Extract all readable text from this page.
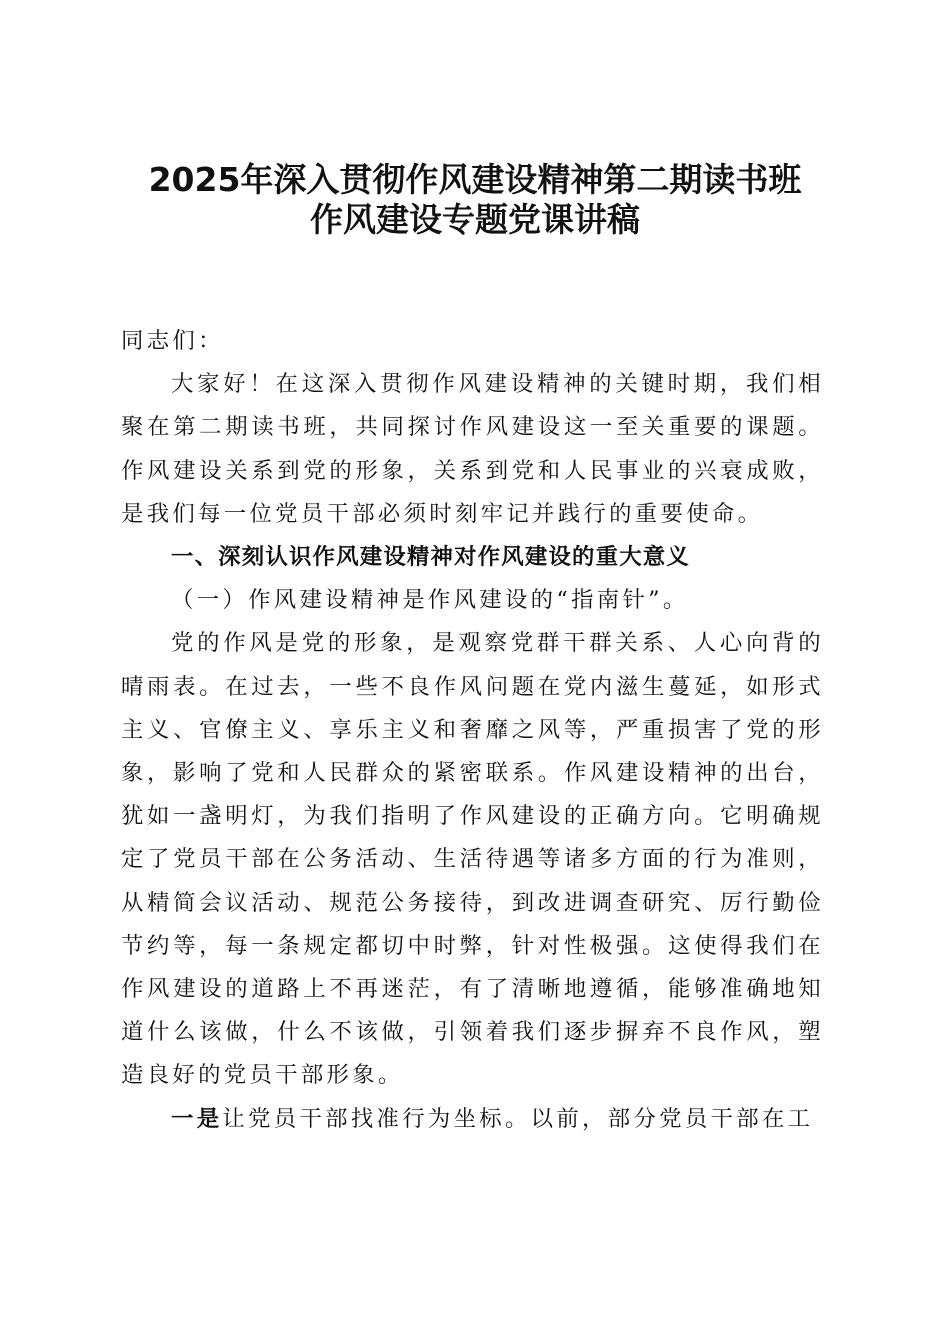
2025年深入贯彻作风建设精神第二期读书班
作风建设专题党课讲稿

同志们：

大家好！在这深入贯彻作风建设精神的关键时期，我们相聚在第二期读书班，共同探讨作风建设这一至关重要的课题。作风建设关系到党的形象，关系到党和人民事业的兴衰成败，是我们每一位党员干部必须时刻牢记并践行的重要使命。

一、深刻认识作风建设精神对作风建设的重大意义

（一）作风建设精神是作风建设的“指南针”。

党的作风是党的形象，是观察党群干群关系、人心向背的晴雨表。在过去，一些不良作风问题在党内滋生蔓延，如形式主义、官僚主义、享乐主义和奢靡之风等，严重损害了党的形象，影响了党和人民群众的紧密联系。作风建设精神的出台，犹如一盏明灯，为我们指明了作风建设的正确方向。它明确规定了党员干部在公务活动、生活待遇等诸多方面的行为准则，从精简会议活动、规范公务接待，到改进调查研究、厉行勤俭节约等，每一条规定都切中时弊，针对性极强。这使得我们在作风建设的道路上不再迷茫，有了清晰地遵循，能够准确地知道什么该做，什么不该做，引领着我们逐步摒弃不良作风，塑造良好的党员干部形象。

一是让党员干部找准行为坐标。以前，部分党员干部在工
